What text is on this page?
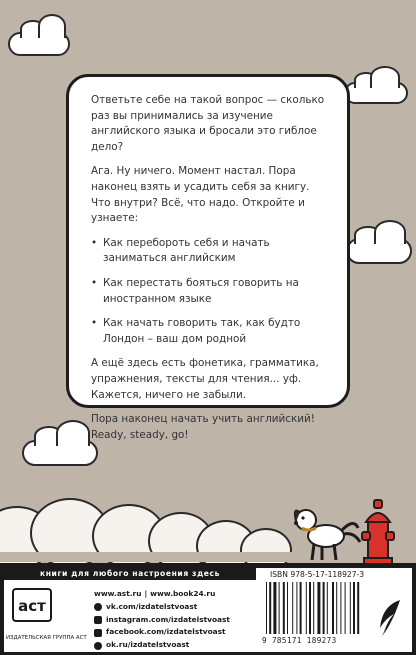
Ответьте себе на такой вопрос — сколько раз вы принимались за изучение английского языка и бросали это гиблое дело?

Ага. Ну ничего. Момент настал. Пора наконец взять и усадить себя за книгу. Что внутри? Всё, что надо. Откройте и узнаете:

• Как перебороть себя и начать заниматься английским
• Как перестать бояться говорить на иностранном языке
• Как начать говорить так, как будто Лондон – ваш дом родной

А ещё здесь есть фонетика, грамматика, упражнения, тексты для чтения... уф. Кажется, ничего не забыли.

Пора наконец начать учить английский! Ready, steady, go!

книги для любого настроения здесь
аст
ИЗДАТЕЛЬСКАЯ ГРУППА АСТ
www.ast.ru | www.book24.ru
vk.com/izdatelstvoast
instagram.com/izdatelstvoast
facebook.com/izdatelstvoast
ok.ru/izdatelstvoast
ISBN 978-5-17-118927-3
9 785171 189273
